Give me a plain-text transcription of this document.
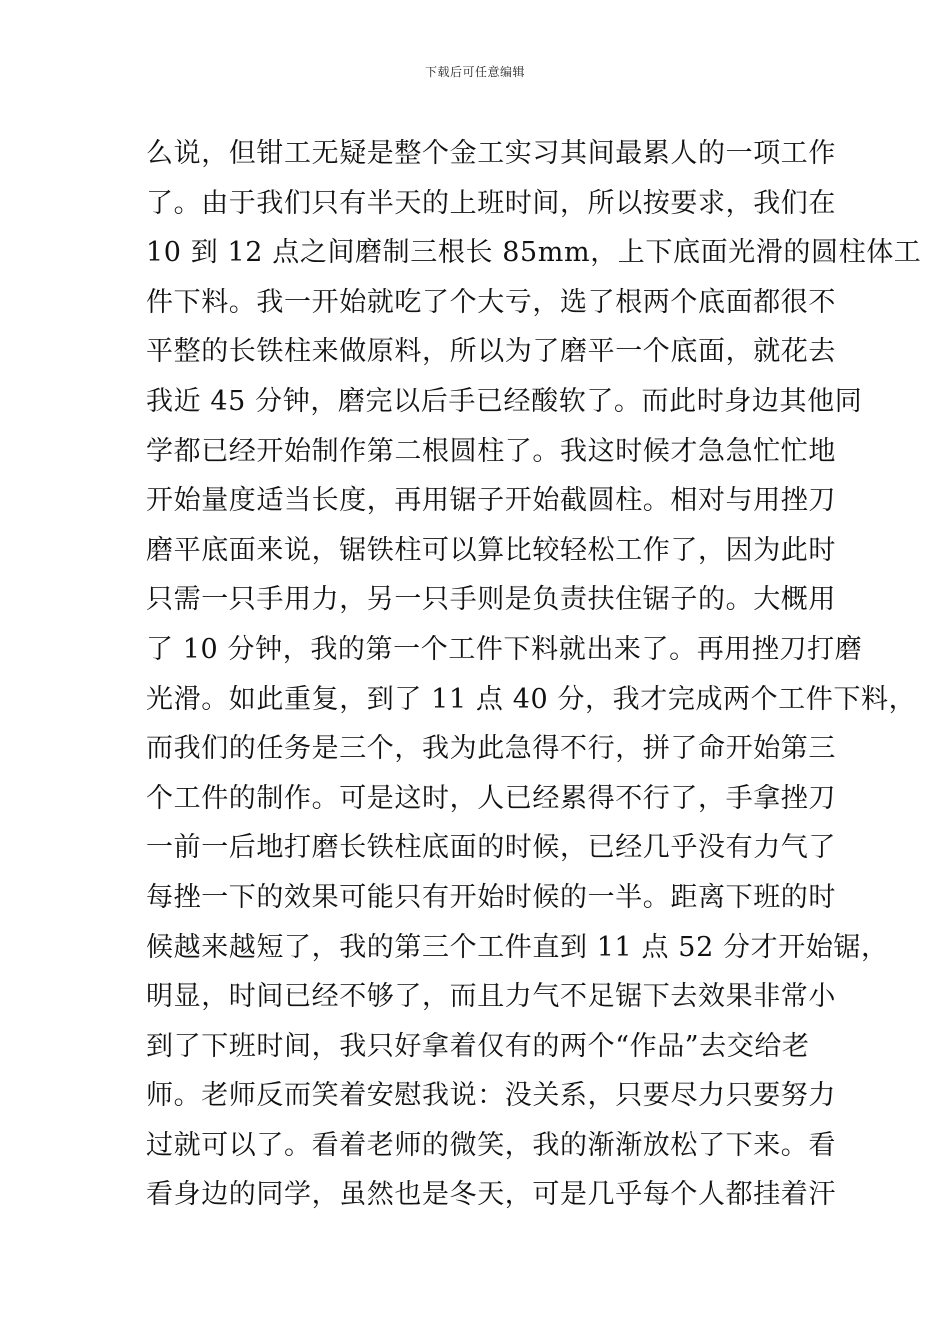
下载后可任意编辑
么说，但钳工无疑是整个金工实习其间最累人的一项工作
了。由于我们只有半天的上班时间，所以按要求，我们在
10 到 12 点之间磨制三根长 85mm，上下底面光滑的圆柱体工
件下料。我一开始就吃了个大亏，选了根两个底面都很不
平整的长铁柱来做原料，所以为了磨平一个底面，就花去
我近 45 分钟，磨完以后手已经酸软了。而此时身边其他同
学都已经开始制作第二根圆柱了。我这时候才急急忙忙地
开始量度适当长度，再用锯子开始截圆柱。相对与用挫刀
磨平底面来说，锯铁柱可以算比较轻松工作了，因为此时
只需一只手用力，另一只手则是负责扶住锯子的。大概用
了 10 分钟，我的第一个工件下料就出来了。再用挫刀打磨
光滑。如此重复，到了 11 点 40 分，我才完成两个工件下料，
而我们的任务是三个，我为此急得不行，拼了命开始第三
个工件的制作。可是这时，人已经累得不行了，手拿挫刀
一前一后地打磨长铁柱底面的时候，已经几乎没有力气了
每挫一下的效果可能只有开始时候的一半。距离下班的时
候越来越短了，我的第三个工件直到 11 点 52 分才开始锯，
明显，时间已经不够了，而且力气不足锯下去效果非常小
到了下班时间，我只好拿着仅有的两个“作品”去交给老
师。老师反而笑着安慰我说：没关系，只要尽力只要努力
过就可以了。看着老师的微笑，我的渐渐放松了下来。看
看身边的同学，虽然也是冬天，可是几乎每个人都挂着汗
